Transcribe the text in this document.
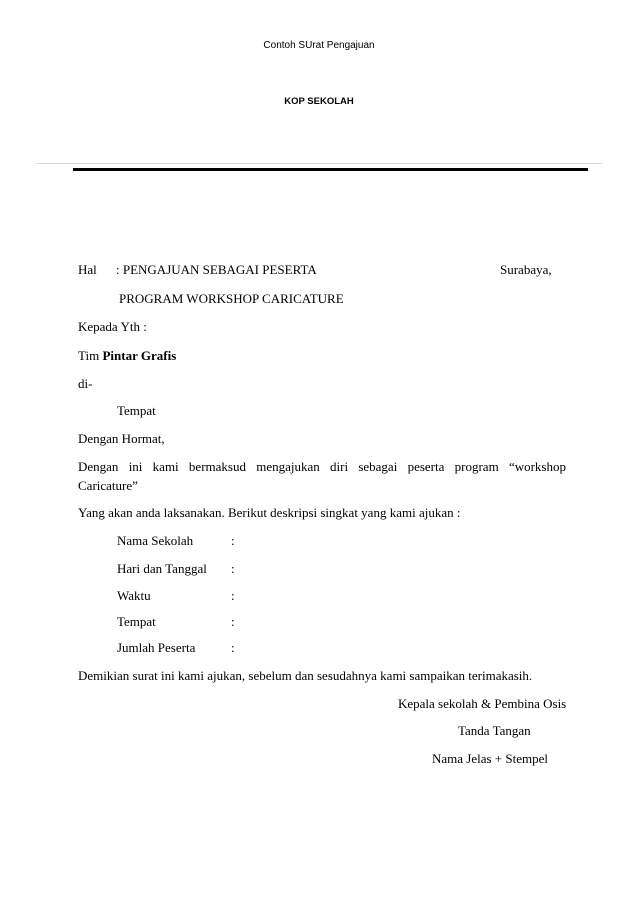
Contoh SUrat Pengajuan
KOP SEKOLAH
Hal : PENGAJUAN SEBAGAI PESERTA	Surabaya,
PROGRAM WORKSHOP CARICATURE
Kepada Yth :
Tim Pintar Grafis
di-
Tempat
Dengan Hormat,
Dengan ini kami bermaksud mengajukan diri sebagai peserta program “workshop
Caricature”
Yang akan anda laksanakan. Berikut deskripsi singkat yang kami ajukan :
Nama Sekolah	:
Hari dan Tanggal :
Waktu	:
Tempat	:
Jumlah Peserta	:
Demikian surat ini kami ajukan, sebelum dan sesudahnya kami sampaikan terimakasih.
Kepala sekolah & Pembina Osis
Tanda Tangan
Nama Jelas + Stempel
